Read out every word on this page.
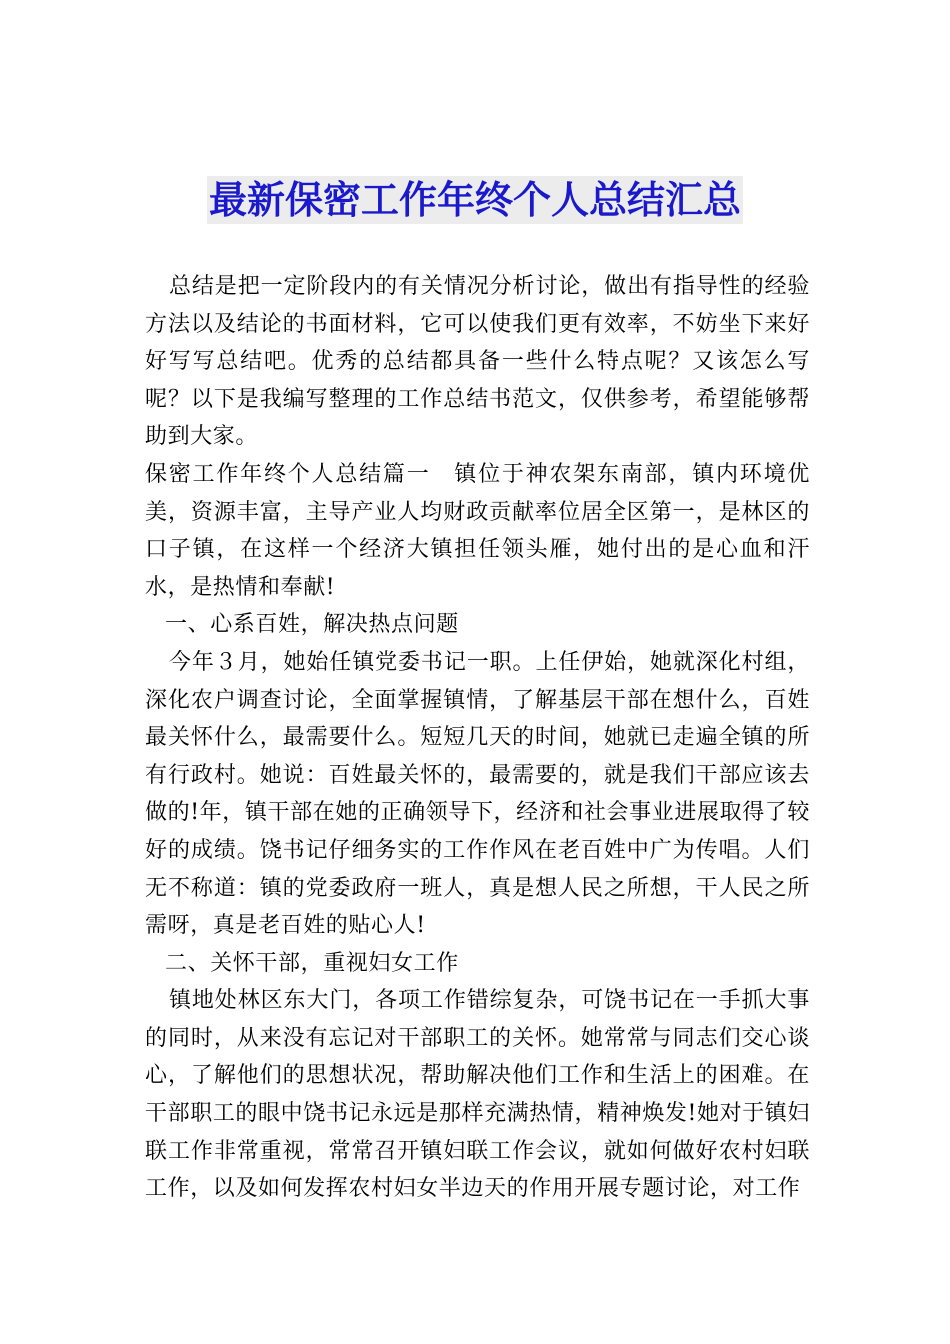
最新保密工作年终个人总结汇总

总结是把一定阶段内的有关情况分析讨论，做出有指导性的经验方法以及结论的书面材料，它可以使我们更有效率，不妨坐下来好好写写总结吧。优秀的总结都具备一些什么特点呢？又该怎么写呢？以下是我编写整理的工作总结书范文，仅供参考，希望能够帮助到大家。

保密工作年终个人总结篇一　镇位于神农架东南部，镇内环境优美，资源丰富，主导产业人均财政贡献率位居全区第一，是林区的口子镇，在这样一个经济大镇担任领头雁，她付出的是心血和汗水，是热情和奉献!

一、心系百姓，解决热点问题

今年３月，她始任镇党委书记一职。上任伊始，她就深化村组，深化农户调查讨论，全面掌握镇情，了解基层干部在想什么，百姓最关怀什么，最需要什么。短短几天的时间，她就已走遍全镇的所有行政村。她说：百姓最关怀的，最需要的，就是我们干部应该去做的!年，镇干部在她的正确领导下，经济和社会事业进展取得了较好的成绩。饶书记仔细务实的工作作风在老百姓中广为传唱。人们无不称道：镇的党委政府一班人，真是想人民之所想，干人民之所需呀，真是老百姓的贴心人!

二、关怀干部，重视妇女工作

镇地处林区东大门，各项工作错综复杂，可饶书记在一手抓大事的同时，从来没有忘记对干部职工的关怀。她常常与同志们交心谈心，了解他们的思想状况，帮助解决他们工作和生活上的困难。在干部职工的眼中饶书记永远是那样充满热情，精神焕发!她对于镇妇联工作非常重视，常常召开镇妇联工作会议，就如何做好农村妇联工作，以及如何发挥农村妇女半边天的作用开展专题讨论，对工作
